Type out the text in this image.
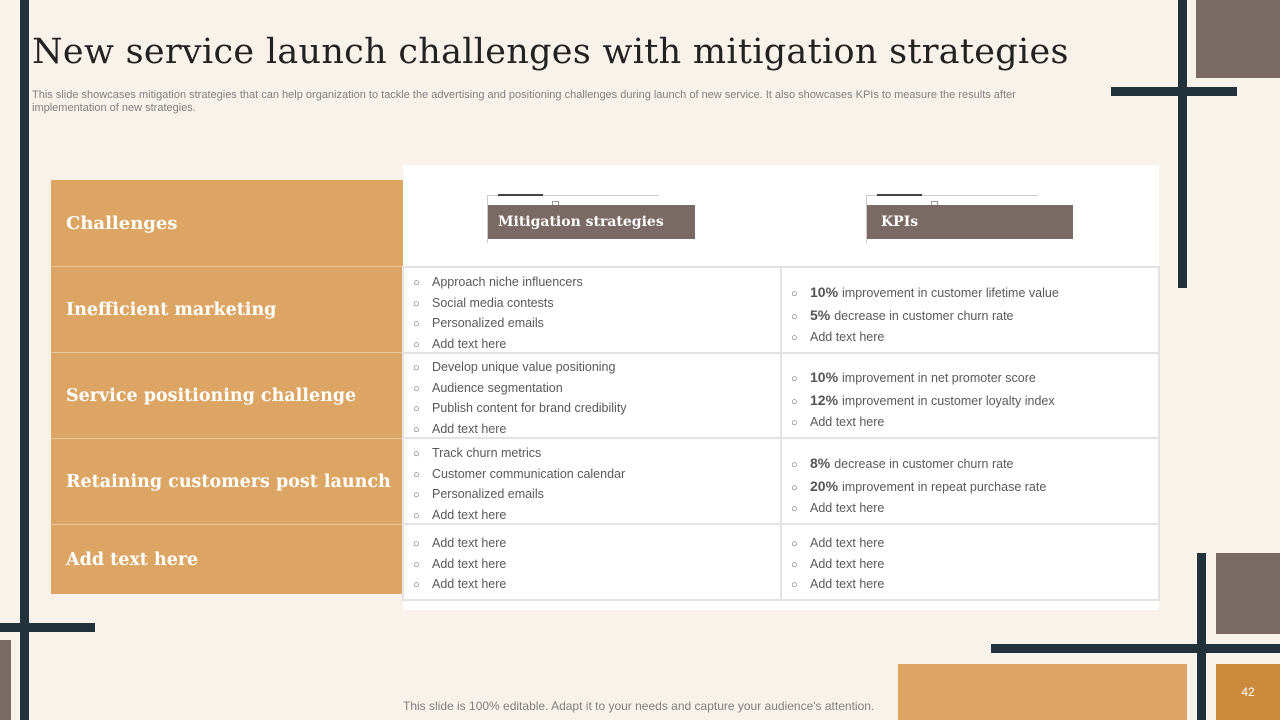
New service launch challenges with mitigation strategies
This slide showcases mitigation strategies that can help organization to tackle the advertising and positioning challenges during launch of new service. It also showcases KPIs to measure the results after implementation of new strategies.
Mitigation strategies	KPIs
Challenges
Inefficient marketing
Service positioning challenge
Retaining customers post launch
Add text here
○ Approach niche influencers
○ Social media contests
○ Personalized emails
○ Add text here
○ 10% improvement in customer lifetime value
○ 5% decrease in customer churn rate
○ Add text here
○ Develop unique value positioning
○ Audience segmentation
○ Publish content for brand credibility
○ Add text here
○ 10% improvement in net promoter score
○ 12% improvement in customer loyalty index
○ Add text here
○ Track churn metrics
○ Customer communication calendar
○ Personalized emails
○ Add text here
○ 8% decrease in customer churn rate
○ 20% improvement in repeat purchase rate
○ Add text here
○ Add text here
○ Add text here
○ Add text here
○ Add text here
○ Add text here
○ Add text here
This slide is 100% editable. Adapt it to your needs and capture your audience's attention.
42
